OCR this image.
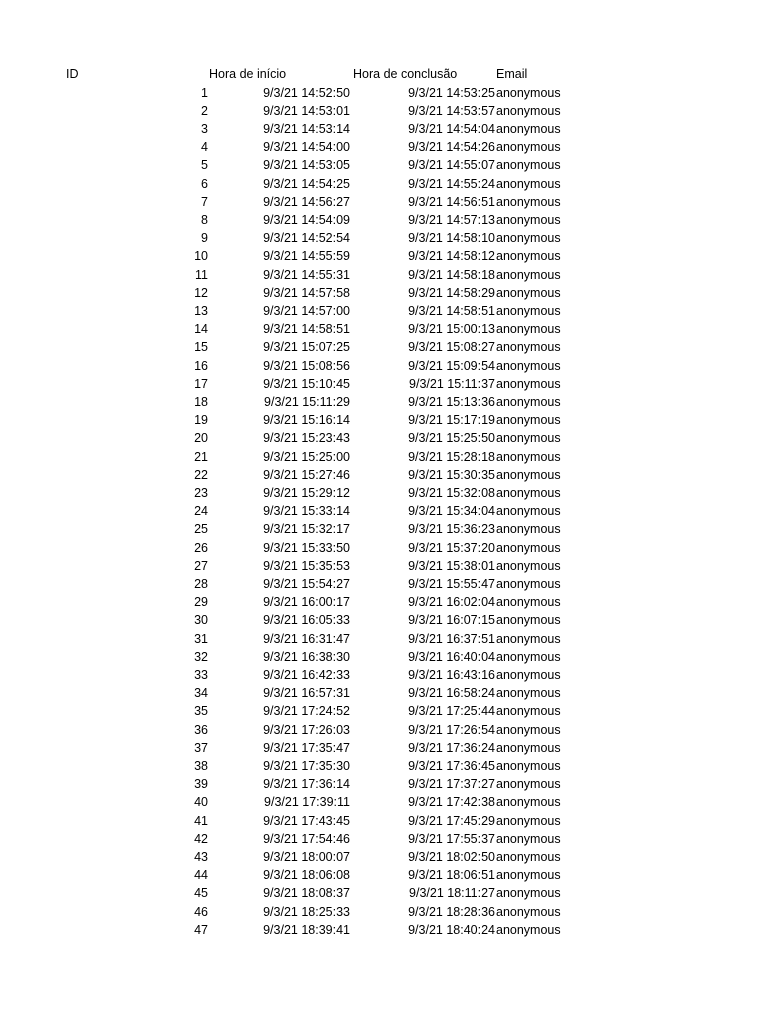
ID	Hora de início	Hora de conclusão	Email
1	9/3/21 14:52:50	9/3/21 14:53:25 anonymous
2	9/3/21 14:53:01	9/3/21 14:53:57 anonymous
3	9/3/21 14:53:14	9/3/21 14:54:04 anonymous
4	9/3/21 14:54:00	9/3/21 14:54:26 anonymous
5	9/3/21 14:53:05	9/3/21 14:55:07 anonymous
6	9/3/21 14:54:25	9/3/21 14:55:24 anonymous
7	9/3/21 14:56:27	9/3/21 14:56:51 anonymous
8	9/3/21 14:54:09	9/3/21 14:57:13 anonymous
9	9/3/21 14:52:54	9/3/21 14:58:10 anonymous
10	9/3/21 14:55:59	9/3/21 14:58:12 anonymous
11	9/3/21 14:55:31	9/3/21 14:58:18 anonymous
12	9/3/21 14:57:58	9/3/21 14:58:29 anonymous
13	9/3/21 14:57:00	9/3/21 14:58:51 anonymous
14	9/3/21 14:58:51	9/3/21 15:00:13 anonymous
15	9/3/21 15:07:25	9/3/21 15:08:27 anonymous
16	9/3/21 15:08:56	9/3/21 15:09:54 anonymous
17	9/3/21 15:10:45	9/3/21 15:11:37 anonymous
18	9/3/21 15:11:29	9/3/21 15:13:36 anonymous
19	9/3/21 15:16:14	9/3/21 15:17:19 anonymous
20	9/3/21 15:23:43	9/3/21 15:25:50 anonymous
21	9/3/21 15:25:00	9/3/21 15:28:18 anonymous
22	9/3/21 15:27:46	9/3/21 15:30:35 anonymous
23	9/3/21 15:29:12	9/3/21 15:32:08 anonymous
24	9/3/21 15:33:14	9/3/21 15:34:04 anonymous
25	9/3/21 15:32:17	9/3/21 15:36:23 anonymous
26	9/3/21 15:33:50	9/3/21 15:37:20 anonymous
27	9/3/21 15:35:53	9/3/21 15:38:01 anonymous
28	9/3/21 15:54:27	9/3/21 15:55:47 anonymous
29	9/3/21 16:00:17	9/3/21 16:02:04 anonymous
30	9/3/21 16:05:33	9/3/21 16:07:15 anonymous
31	9/3/21 16:31:47	9/3/21 16:37:51 anonymous
32	9/3/21 16:38:30	9/3/21 16:40:04 anonymous
33	9/3/21 16:42:33	9/3/21 16:43:16 anonymous
34	9/3/21 16:57:31	9/3/21 16:58:24 anonymous
35	9/3/21 17:24:52	9/3/21 17:25:44 anonymous
36	9/3/21 17:26:03	9/3/21 17:26:54 anonymous
37	9/3/21 17:35:47	9/3/21 17:36:24 anonymous
38	9/3/21 17:35:30	9/3/21 17:36:45 anonymous
39	9/3/21 17:36:14	9/3/21 17:37:27 anonymous
40	9/3/21 17:39:11	9/3/21 17:42:38 anonymous
41	9/3/21 17:43:45	9/3/21 17:45:29 anonymous
42	9/3/21 17:54:46	9/3/21 17:55:37 anonymous
43	9/3/21 18:00:07	9/3/21 18:02:50 anonymous
44	9/3/21 18:06:08	9/3/21 18:06:51 anonymous
45	9/3/21 18:08:37	9/3/21 18:11:27 anonymous
46	9/3/21 18:25:33	9/3/21 18:28:36 anonymous
47	9/3/21 18:39:41	9/3/21 18:40:24 anonymous
